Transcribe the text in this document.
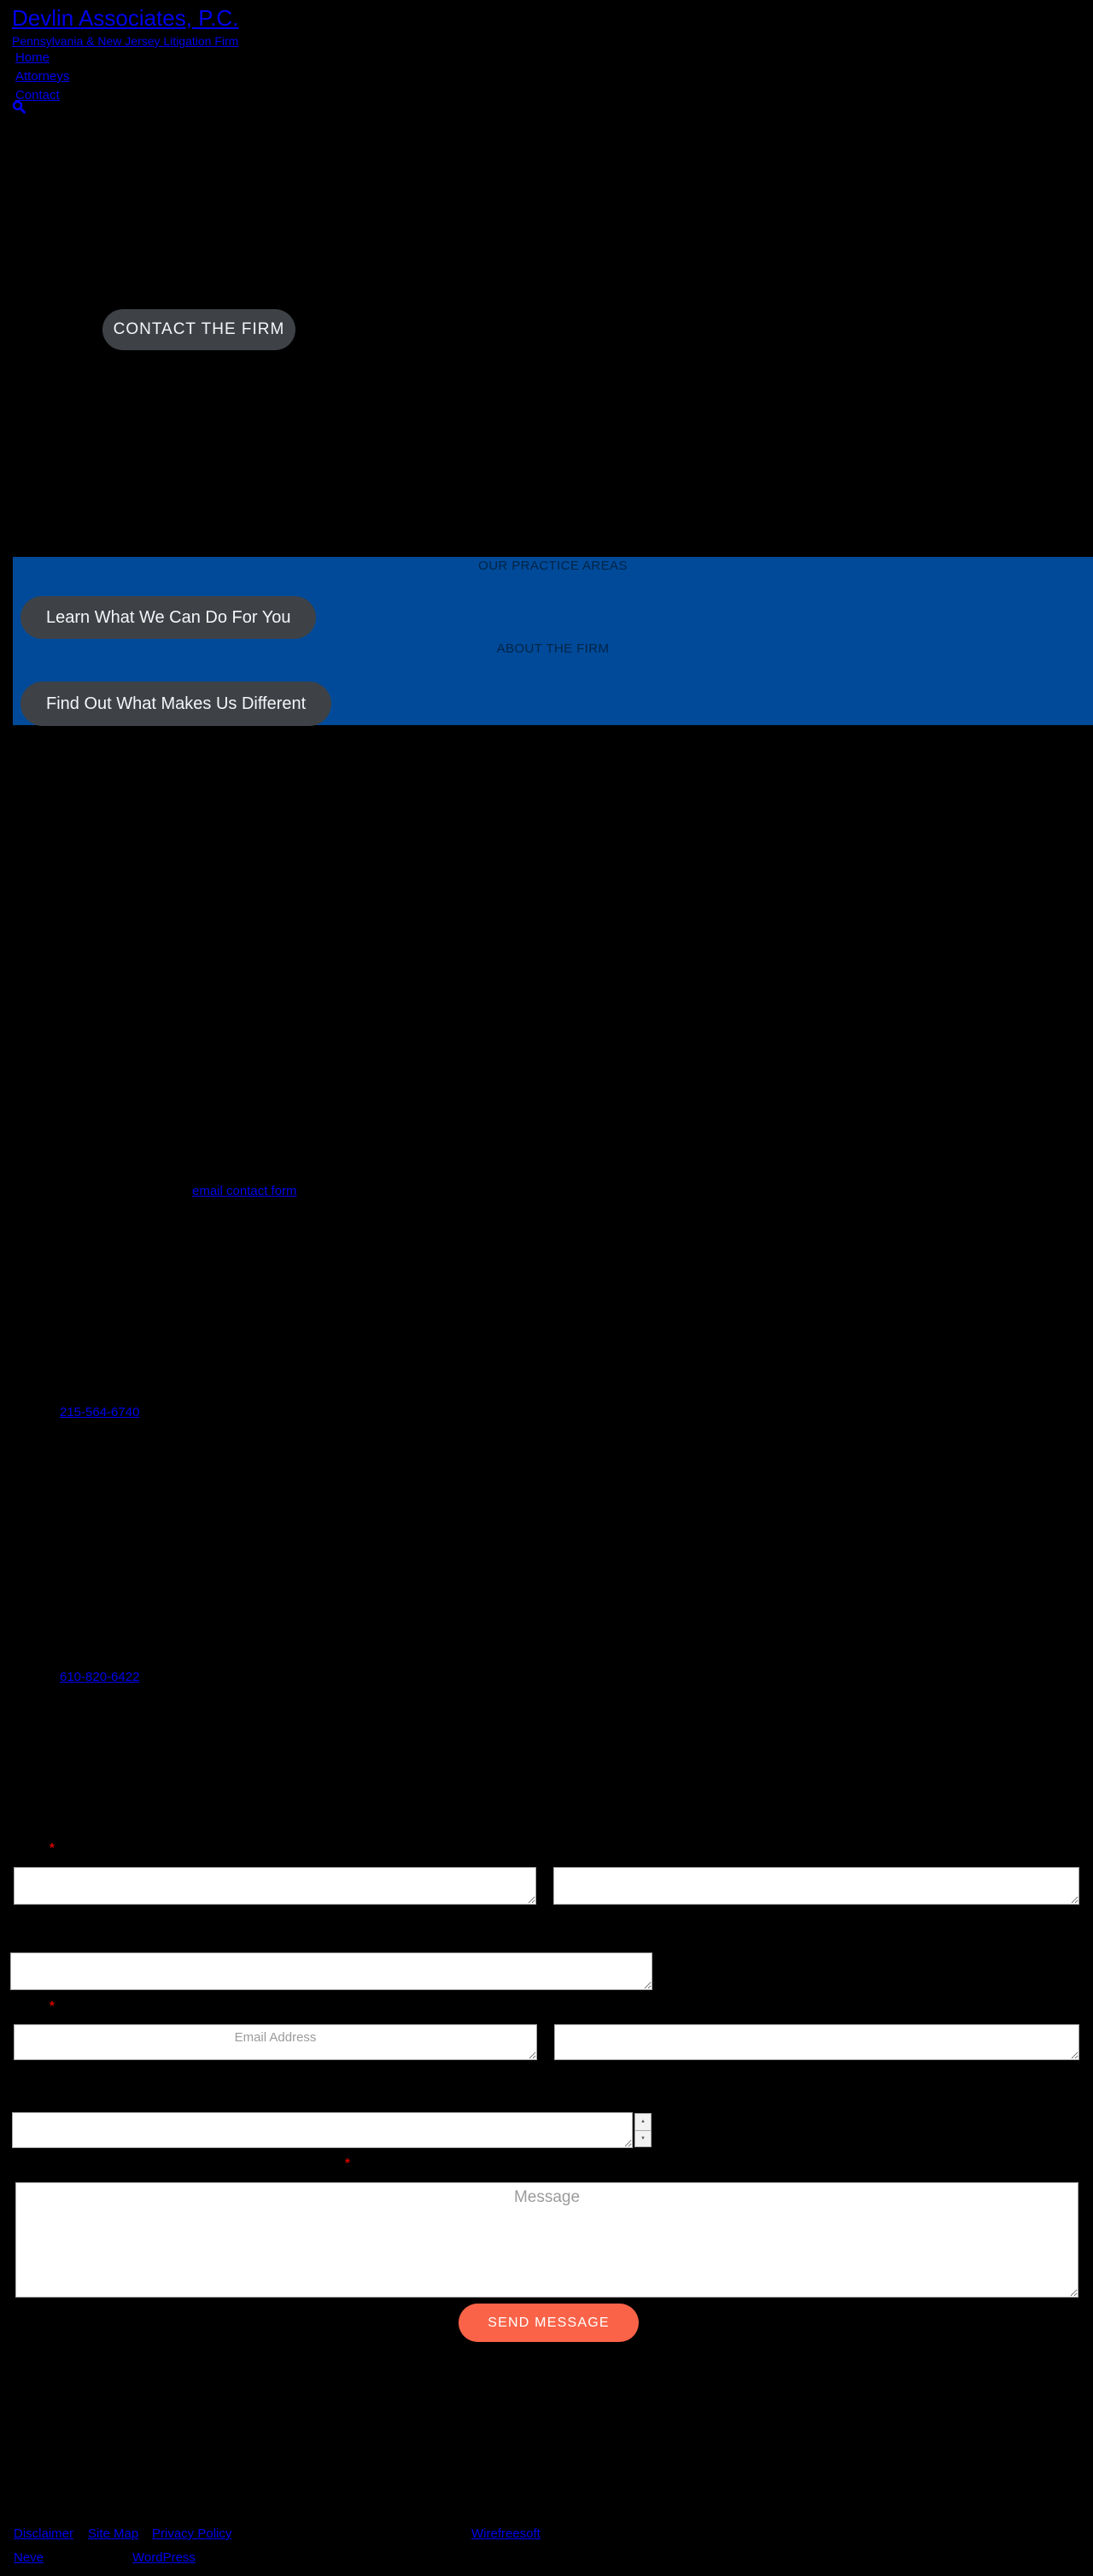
Devlin Associates, P.C.
Pennsylvania & New Jersey Litigation Firm
Home
Attorneys
Contact
CONTACT THE FIRM
OUR PRACTICE AREAS
Learn What We Can Do For You
ABOUT THE FIRM
Find Out What Makes Us Different
email contact form
215-564-6740
610-820-6422
*
*
Email Address
▲
▼
*
Message
SEND MESSAGE
Disclaimer Site Map Privacy Policy	Wirefreesoft
Neve	WordPress
